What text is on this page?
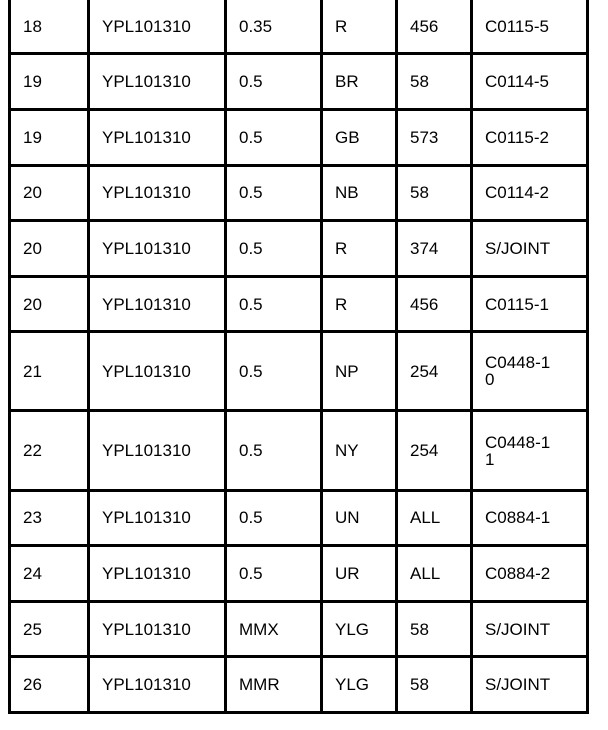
18	YPL101310	0.35	R	456	C0115-5
19	YPL101310	0.5	BR	58	C0114-5
19	YPL101310	0.5	GB	573	C0115-2
20	YPL101310	0.5	NB	58	C0114-2
20	YPL101310	0.5	R	374	S/JOINT
20	YPL101310	0.5	R	456	C0115-1
21	YPL101310	0.5	NP	254	C0448-10
22	YPL101310	0.5	NY	254	C0448-11
23	YPL101310	0.5	UN	ALL	C0884-1
24	YPL101310	0.5	UR	ALL	C0884-2
25	YPL101310	MMX	YLG	58	S/JOINT
26	YPL101310	MMR	YLG	58	S/JOINT
